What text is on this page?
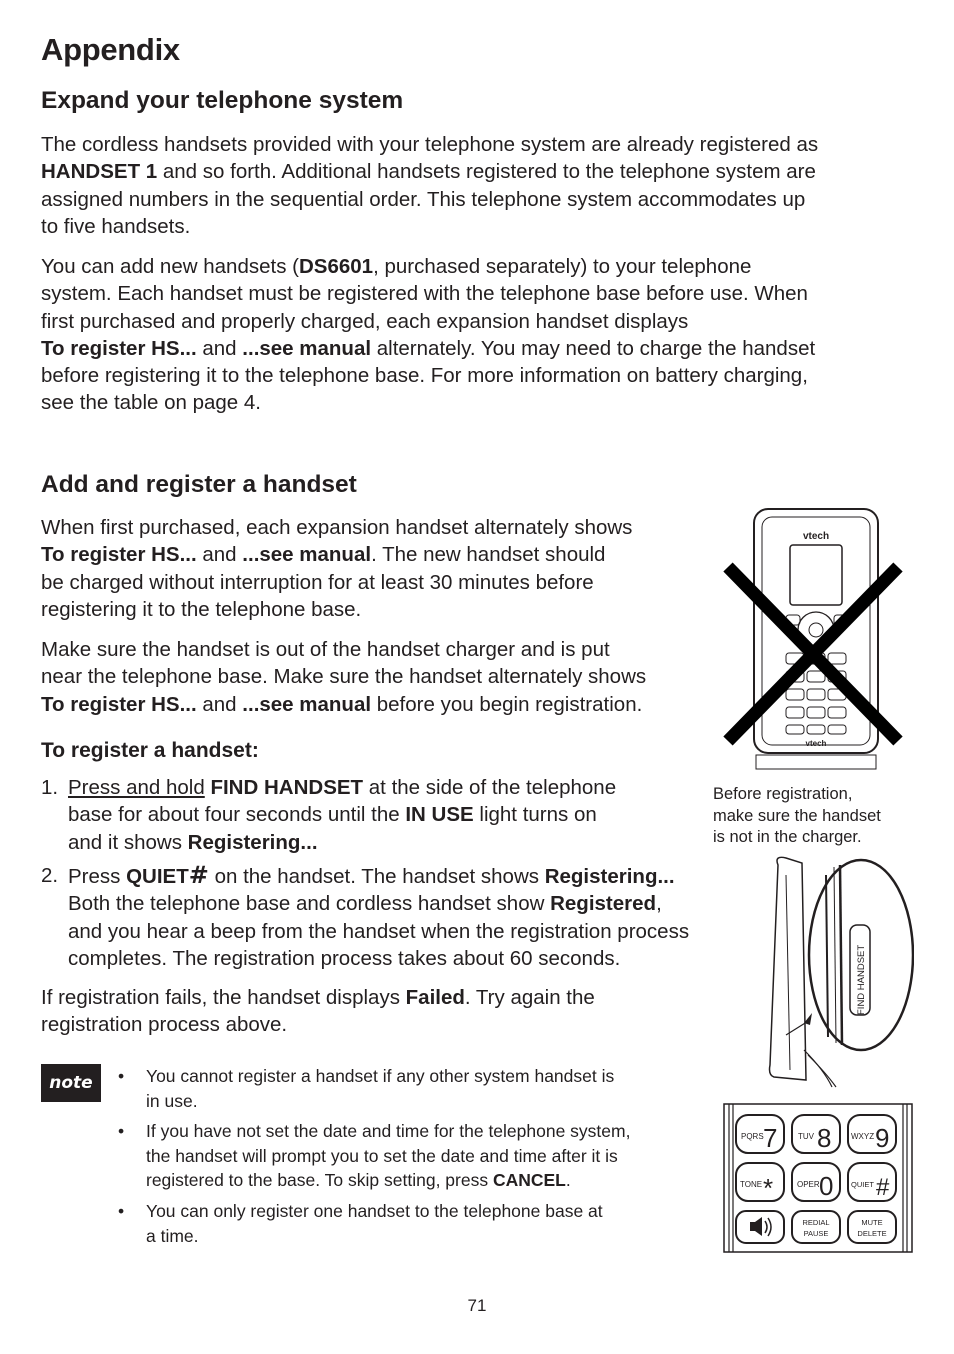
Appendix
Expand your telephone system
The cordless handsets provided with your telephone system are already registered as
HANDSET 1 and so forth. Additional handsets registered to the telephone system are
assigned numbers in the sequential order. This telephone system accommodates up
to five handsets.
You can add new handsets (DS6601, purchased separately) to your telephone
system. Each handset must be registered with the telephone base before use. When
first purchased and properly charged, each expansion handset displays
To register HS... and ...see manual alternately. You may need to charge the handset
before registering it to the telephone base. For more information on battery charging,
see the table on page 4.
Add and register a handset
When first purchased, each expansion handset alternately shows
To register HS... and ...see manual. The new handset should
be charged without interruption for at least 30 minutes before
registering it to the telephone base.
Make sure the handset is out of the handset charger and is put
near the telephone base. Make sure the handset alternately shows
To register HS... and ...see manual before you begin registration.
To register a handset:
1. Press and hold FIND HANDSET at the side of the telephone
base for about four seconds until the IN USE light turns on
and it shows Registering...
2. Press QUIET# on the handset. The handset shows Registering...
Both the telephone base and cordless handset show Registered,
and you hear a beep from the handset when the registration process
completes. The registration process takes about 60 seconds.
If registration fails, the handset displays Failed. Try again the
registration process above.
note	• You cannot register a handset if any other system handset is
in use.
• If you have not set the date and time for the telephone system,
the handset will prompt you to set the date and time after it is
registered to the base. To skip setting, press CANCEL.
• You can only register one handset to the telephone base at
a time.
vtech
vtech
Before registration,
make sure the handset
is not in the charger.
FIND HANDSET
PQRS 7	TUV 8 WXYZ 9
TONE *	OPER 0 QUIET #
REDIAL
PAUSE
MUTE
DELETE
71
